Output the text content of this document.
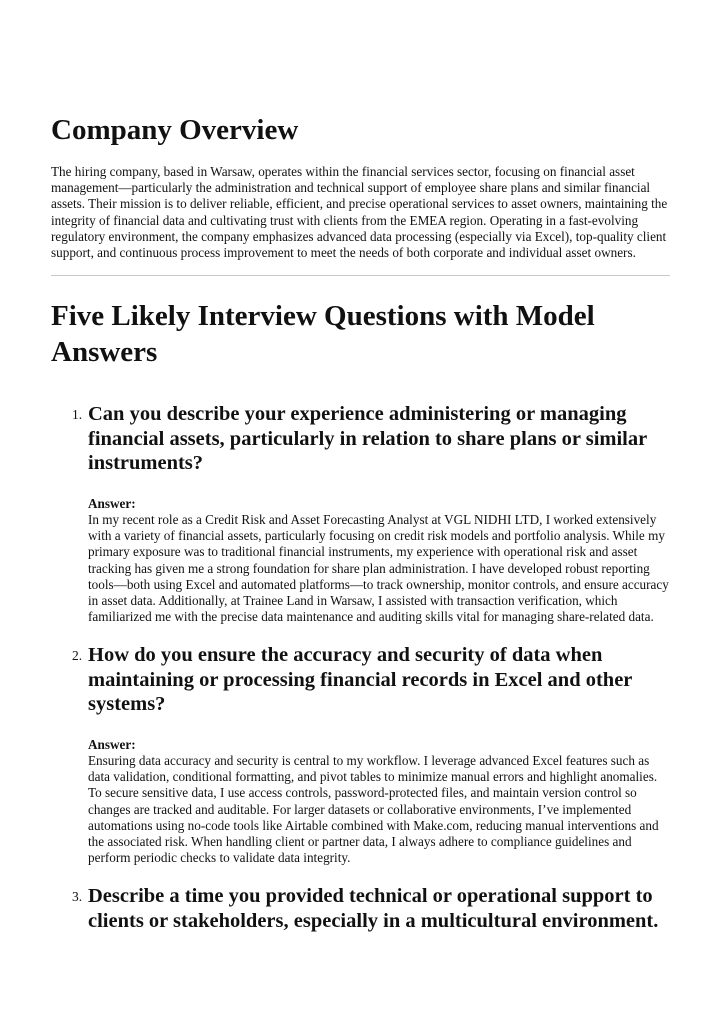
Company Overview

The hiring company, based in Warsaw, operates within the financial services sector, focusing on financial asset management—particularly the administration and technical support of employee share plans and similar financial assets. Their mission is to deliver reliable, efficient, and precise operational services to asset owners, maintaining the integrity of financial data and cultivating trust with clients from the EMEA region. Operating in a fast-evolving regulatory environment, the company emphasizes advanced data processing (especially via Excel), top-quality client support, and continuous process improvement to meet the needs of both corporate and individual asset owners.

Five Likely Interview Questions with Model Answers
1. Can you describe your experience administering or managing financial assets, particularly in relation to share plans or similar instruments?

Answer:

In my recent role as a Credit Risk and Asset Forecasting Analyst at VGL NIDHI LTD, I worked extensively with a variety of financial assets, particularly focusing on credit risk models and portfolio analysis. While my primary exposure was to traditional financial instruments, my experience with operational risk and asset tracking has given me a strong foundation for share plan administration. I have developed robust reporting tools—both using Excel and automated platforms—to track ownership, monitor controls, and ensure accuracy in asset data. Additionally, at Trainee Land in Warsaw, I assisted with transaction verification, which familiarized me with the precise data maintenance and auditing skills vital for managing share-related data.

2. How do you ensure the accuracy and security of data when maintaining or processing financial records in Excel and other systems?

Answer:

Ensuring data accuracy and security is central to my workflow. I leverage advanced Excel features such as data validation, conditional formatting, and pivot tables to minimize manual errors and highlight anomalies. To secure sensitive data, I use access controls, password-protected files, and maintain version control so changes are tracked and auditable. For larger datasets or collaborative environments, I’ve implemented automations using no-code tools like Airtable combined with Make.com, reducing manual interventions and the associated risk. When handling client or partner data, I always adhere to compliance guidelines and perform periodic checks to validate data integrity.

3. Describe a time you provided technical or operational support to clients or stakeholders, especially in a multicultural environment.
